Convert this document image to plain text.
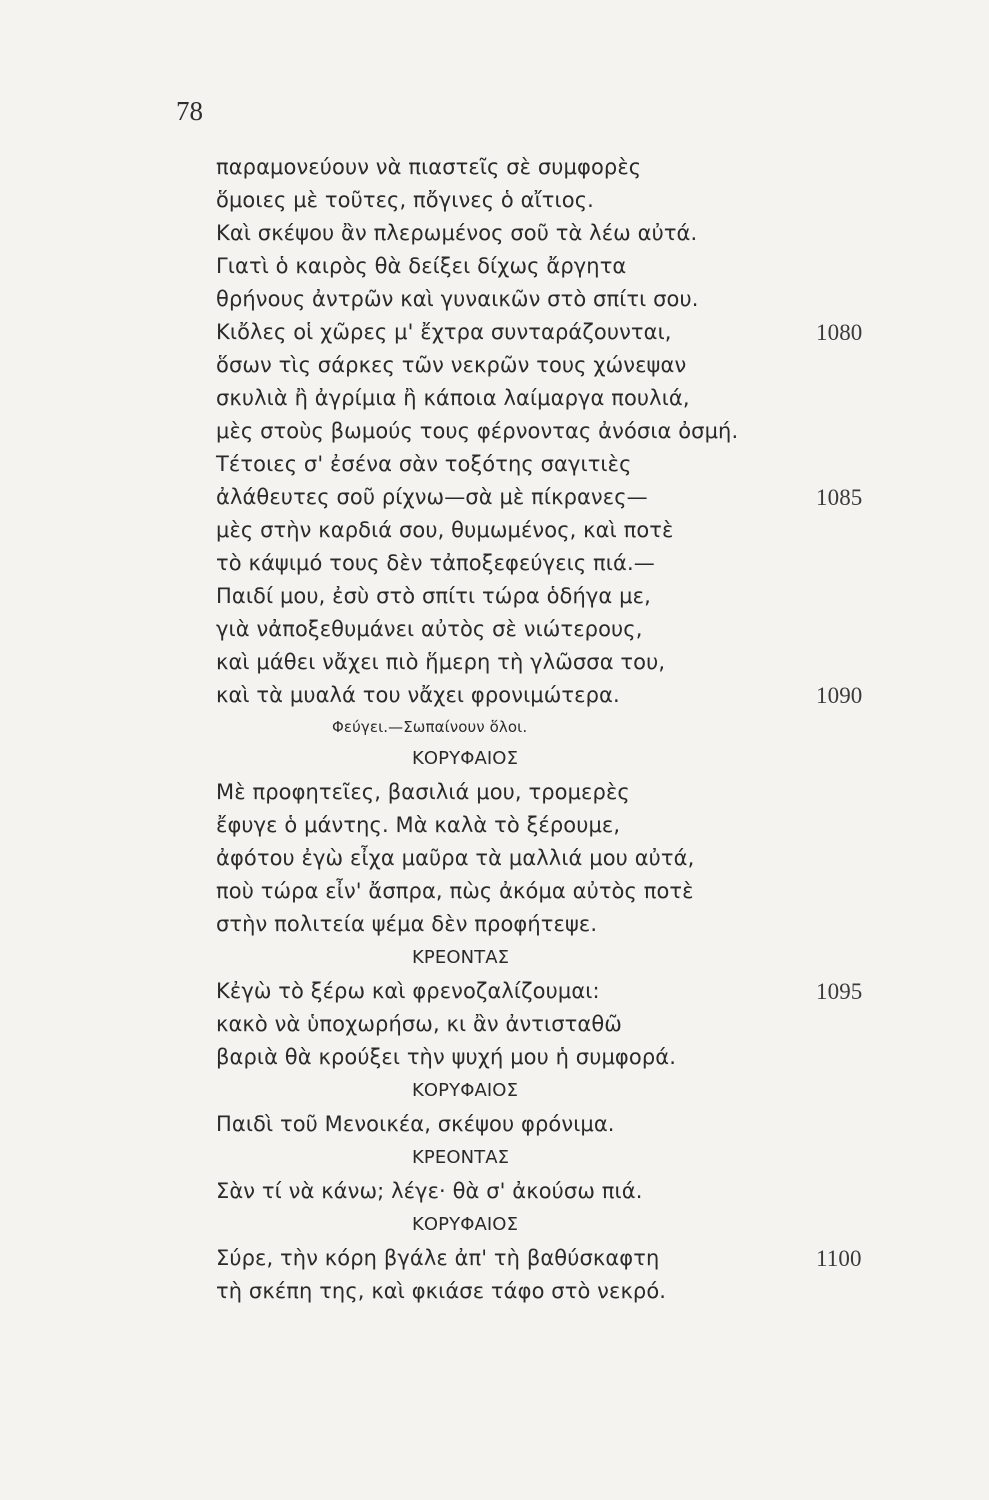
78
παραμονεύουν νὰ πιαστεῖς σὲ συμφορὲς
ὅμοιες μὲ τοῦτες, πὄγινες ὁ αἴτιος.
Καὶ σκέψου ἂν πλερωμένος σοῦ τὰ λέω αὐτά.
Γιατὶ ὁ καιρὸς θὰ δείξει δίχως ἄργητα
θρήνους ἀντρῶν καὶ γυναικῶν στὸ σπίτι σου.
Κιὄλες οἱ χῶρες μ' ἔχτρα συνταράζουνται,	1080
ὅσων τὶς σάρκες τῶν νεκρῶν τους χώνεψαν
σκυλιὰ ἢ ἀγρίμια ἢ κάποια λαίμαργα πουλιά,
μὲς στοὺς βωμούς τους φέρνοντας ἀνόσια ὀσμή.
Τέτοιες σ' ἐσένα σὰν τοξότης σαγιτιὲς
ἀλάθευτες σοῦ ρίχνω—σὰ μὲ πίκρανες—	1085
μὲς στὴν καρδιά σου, θυμωμένος, καὶ ποτὲ
τὸ κάψιμό τους δὲν τἀποξεφεύγεις πιά.—
Παιδί μου, ἐσὺ στὸ σπίτι τώρα ὁδήγα με,
γιὰ νἀποξεθυμάνει αὐτὸς σὲ νιώτερους,
καὶ μάθει νἄχει πιὸ ἥμερη τὴ γλῶσσα του,
καὶ τὰ μυαλά του νἄχει φρονιμώτερα.	1090
Φεύγει.—Σωπαίνουν ὅλοι.
ΚΟΡΥΦΑΙΟΣ
Μὲ προφητεῖες, βασιλιά μου, τρομερὲς
ἔφυγε ὁ μάντης. Μὰ καλὰ τὸ ξέρουμε,
ἀφότου ἐγὼ εἶχα μαῦρα τὰ μαλλιά μου αὐτά,
ποὺ τώρα εἶν' ἄσπρα, πὼς ἀκόμα αὐτὸς ποτὲ
στὴν πολιτεία ψέμα δὲν προφήτεψε.
ΚΡΕΟΝΤΑΣ
Κἐγὼ τὸ ξέρω καὶ φρενοζαλίζουμαι:	1095
κακὸ νὰ ὑποχωρήσω, κι ἂν ἀντισταθῶ
βαριὰ θὰ κρούξει τὴν ψυχή μου ἡ συμφορά.
ΚΟΡΥΦΑΙΟΣ
Παιδὶ τοῦ Μενοικέα, σκέψου φρόνιμα.
ΚΡΕΟΝΤΑΣ
Σὰν τί νὰ κάνω; λέγε· θὰ σ' ἀκούσω πιά.
ΚΟΡΥΦΑΙΟΣ
Σύρε, τὴν κόρη βγάλε ἀπ' τὴ βαθύσκαφτη	1100
τὴ σκέπη της, καὶ φκιάσε τάφο στὸ νεκρό.
